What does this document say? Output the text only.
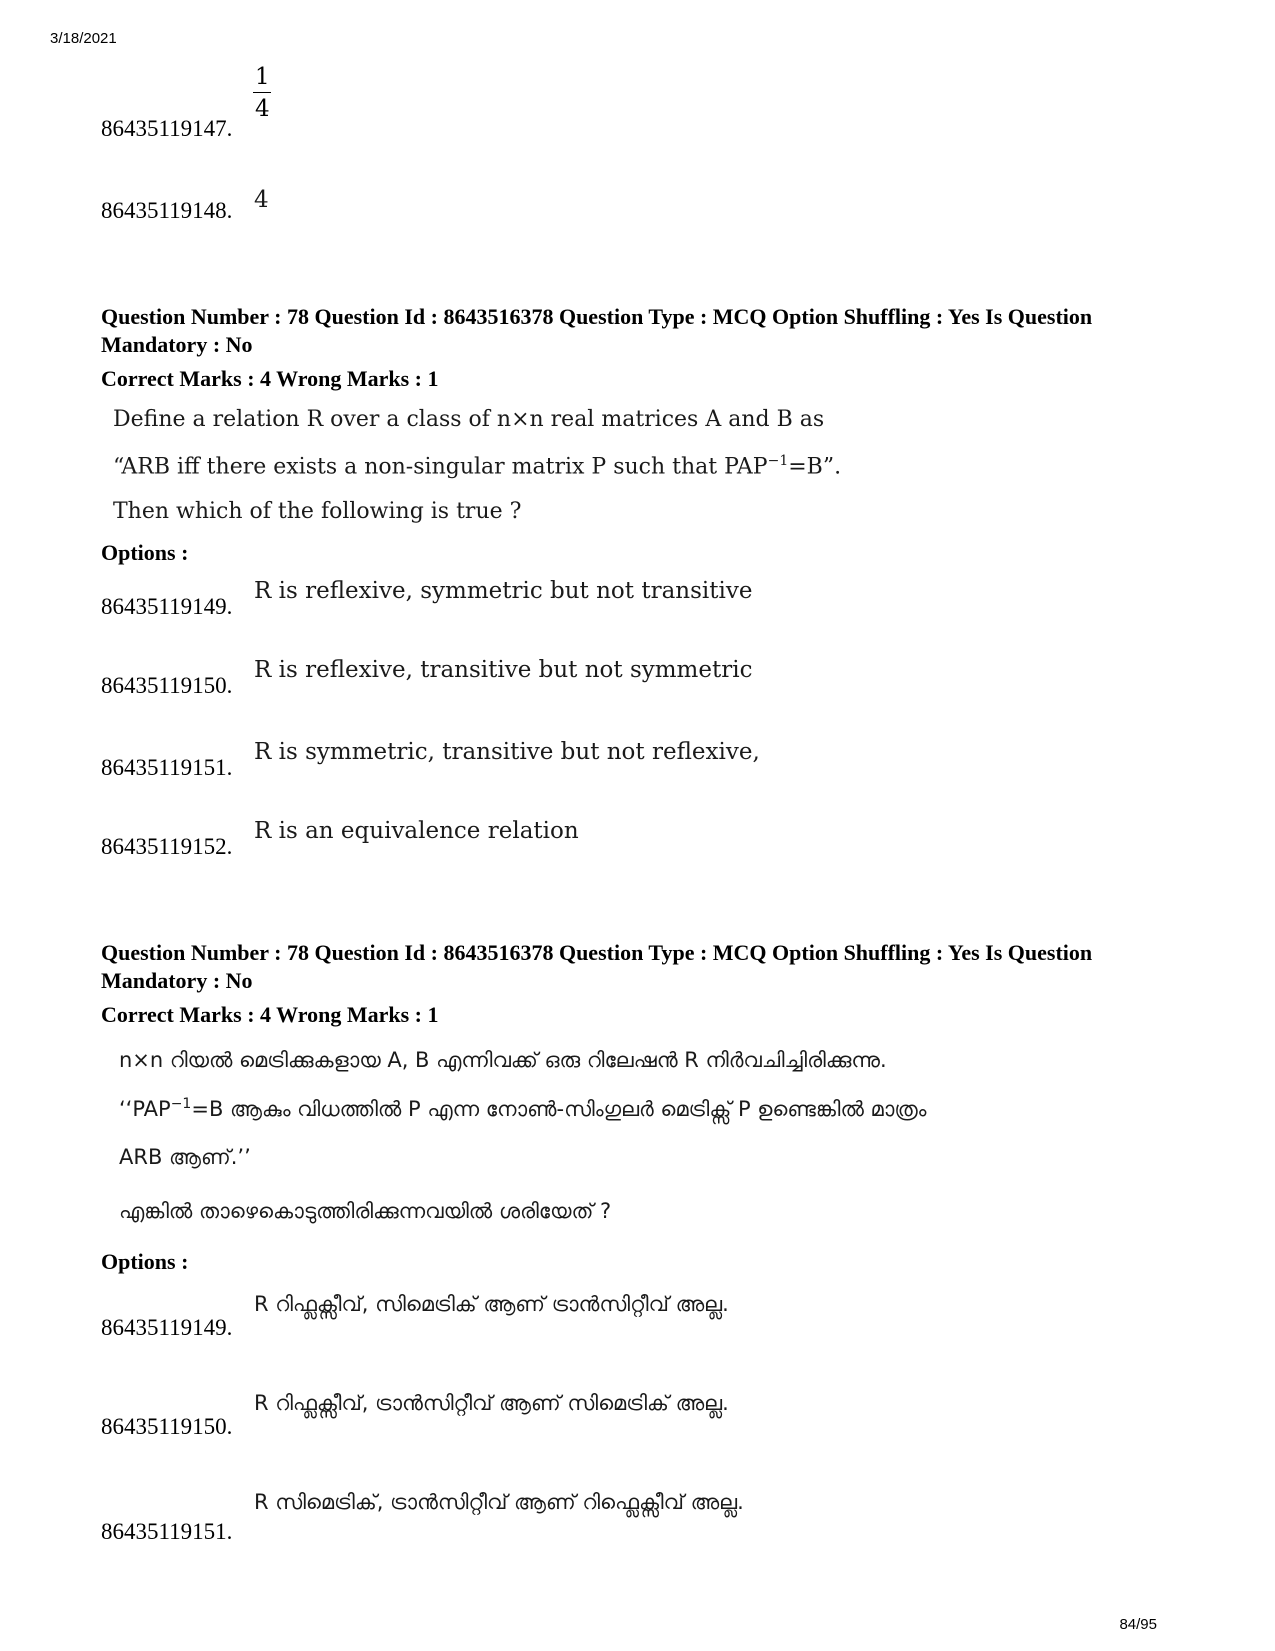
3/18/2021
84/95
86435119147.
1
4
86435119148. 4
Question Number : 78 Question Id : 8643516378 Question Type : MCQ Option Shuffling : Yes Is Question Mandatory : No
Correct Marks : 4 Wrong Marks : 1
Define a relation R over a class of n×n real matrices A and B as
“ARB iff there exists a non-singular matrix P such that $PAP^{-1}=B$”.
Then which of the following is true ?
Options :
86435119149.
R is reflexive, symmetric but not transitive
86435119150.
R is reflexive, transitive but not symmetric
86435119151.
R is symmetric, transitive but not reflexive,
86435119152.
R is an equivalence relation
Question Number : 78 Question Id : 8643516378 Question Type : MCQ Option Shuffling : Yes Is Question Mandatory : No
Correct Marks : 4 Wrong Marks : 1
n×n റിയൽ മെട്രിക്കുകളായ A, B എന്നിവക്ക് ഒരു റിലേഷൻ R നിർവചിച്ചിരിക്കുന്നു.
‘‘$PAP^{-1}=B$ ആകും വിധത്തിൽ P എന്ന നോൺ-സിംഗുലർ മെട്രിക്സ് P ഉണ്ടെങ്കിൽ മാത്രം
ARB ആണ്.’’
എങ്കിൽ താഴെകൊടുത്തിരിക്കുന്നവയിൽ ശരിയേത് ?
Options :
86435119149.
R റിഫ്ലക്സീവ്, സിമെട്രിക് ആണ് ട്രാൻസിറ്റീവ് അല്ല.
86435119150.
R റിഫ്ലക്സീവ്, ട്രാൻസിറ്റീവ് ആണ് സിമെട്രിക് അല്ല.
86435119151.
R സിമെട്രിക്, ട്രാൻസിറ്റീവ് ആണ് റിഫ്ലെക്സീവ് അല്ല.
